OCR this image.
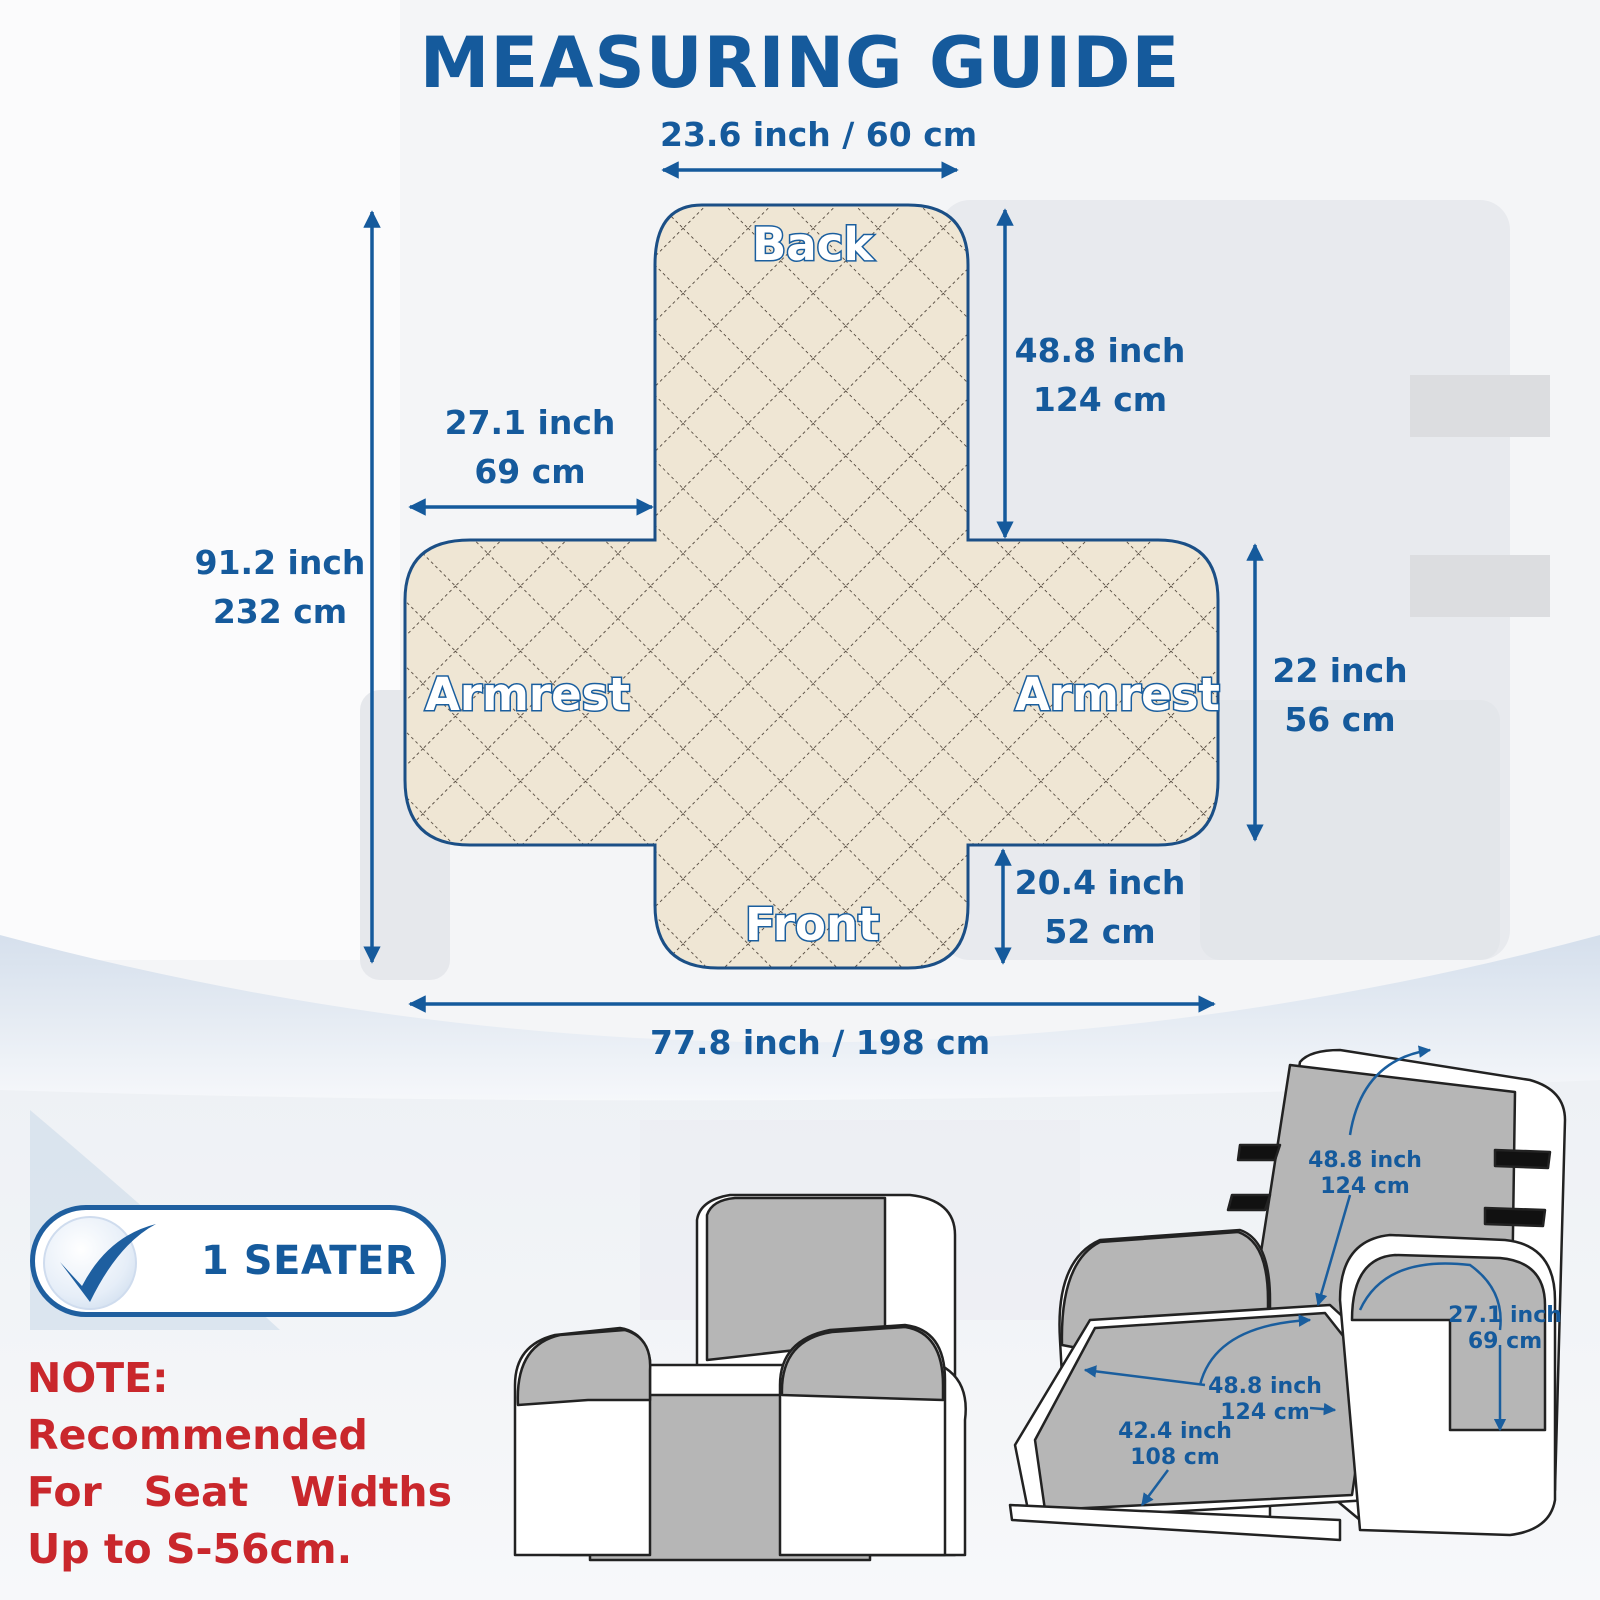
MEASURING GUIDE
23.6 inch / 60 cm
48.8 inch
124 cm
27.1 inch
69 cm
91.2 inch
232 cm
22 inch
56 cm
20.4 inch
52 cm
77.8 inch / 198 cm
Back
Armrest	Armrest
Front
48.8 inch
124 cm
27.1 inch
69 cm
48.8 inch
124 cm
42.4 inch
108 cm
1 SEATER
NOTE:
Recommended For Seat Widths Up to S-56cm.
